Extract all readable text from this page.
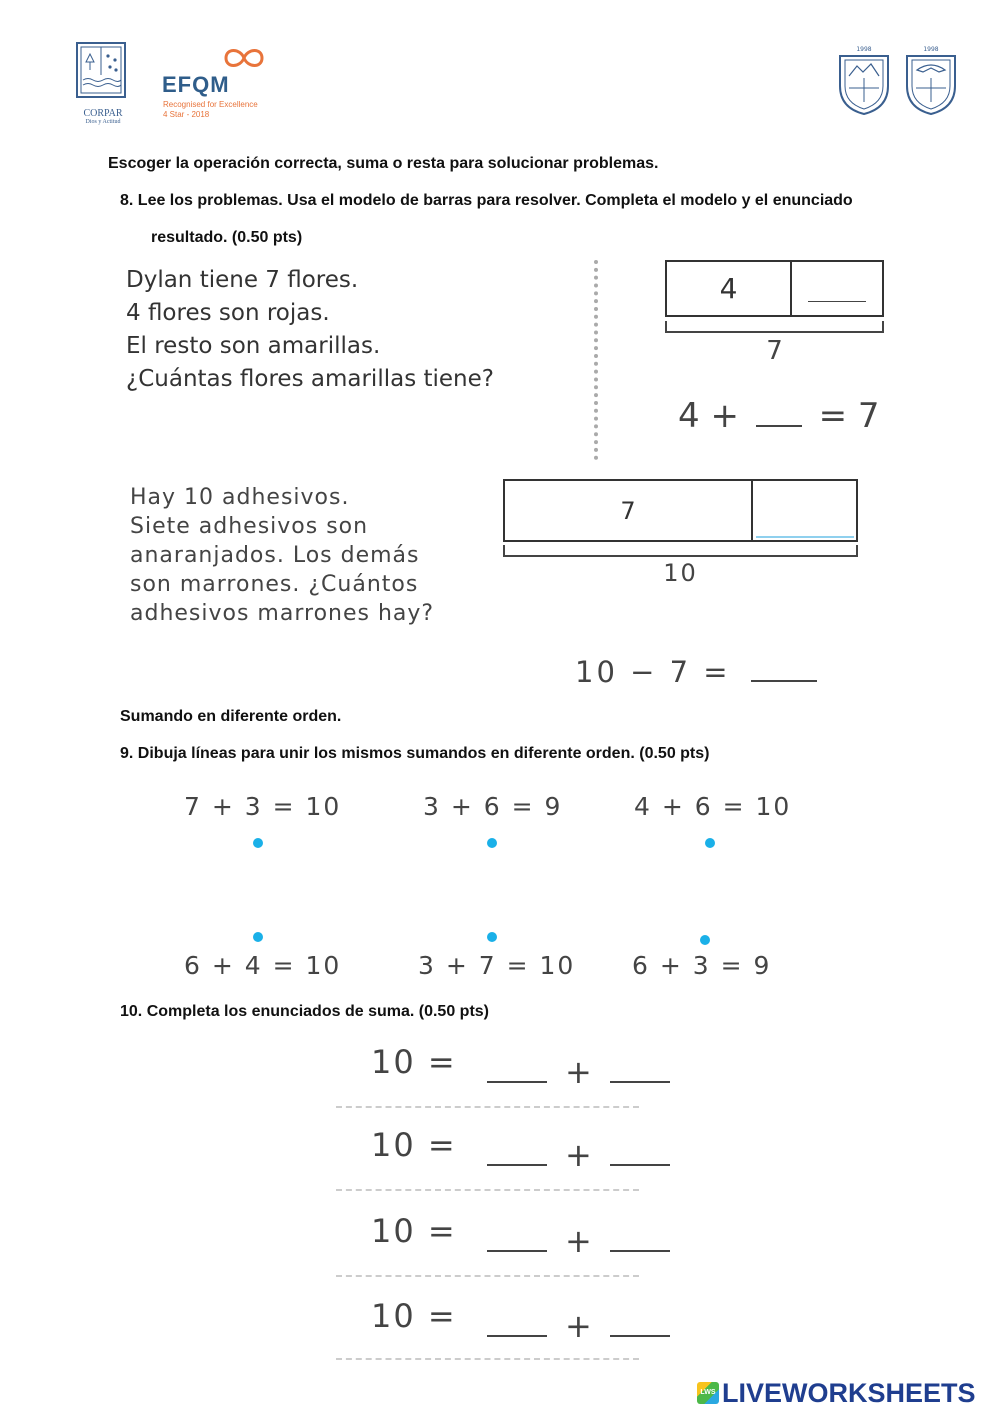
CORPAR
Dios y Actitud
EFQM
Recognised for Excellence
4 Star - 2018
1998	1998
Escoger la operación correcta, suma o resta para solucionar problemas.
8. Lee los problemas. Usa el modelo de barras para resolver. Completa el modelo y el enunciado
resultado. (0.50 pts)
Dylan tiene 7 flores.
4 flores son rojas.
El resto son amarillas.
¿Cuántas flores amarillas tiene?
4
7
4 + = 7
Hay 10 adhesivos.
Siete adhesivos son
anaranjados. Los demás
son marrones. ¿Cuántos
adhesivos marrones hay?
7
10
10 − 7 =
Sumando en diferente orden.
9. Dibuja líneas para unir los mismos sumandos en diferente orden. (0.50 pts)
7 + 3 = 10	3 + 6 = 9	4 + 6 = 10
6 + 4 = 10	3 + 7 = 10 6 + 3 = 9
10. Completa los enunciados de suma. (0.50 pts)
10 =	+
10 =	+
10 =	+
10 =	+
LWS LIVEWORKSHEETS
